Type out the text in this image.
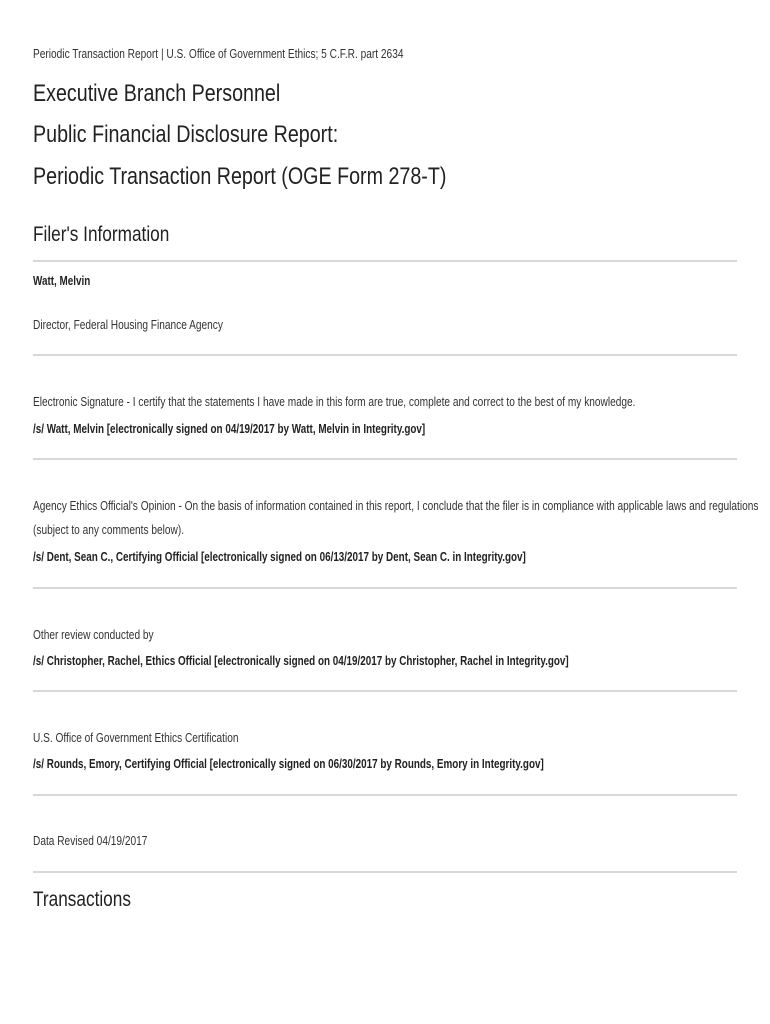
Periodic Transaction Report | U.S. Office of Government Ethics; 5 C.F.R. part 2634
Executive Branch Personnel
Public Financial Disclosure Report:
Periodic Transaction Report (OGE Form 278-T)
Filer's Information
Watt, Melvin
Director, Federal Housing Finance Agency
Electronic Signature - I certify that the statements I have made in this form are true, complete and correct to the best of my knowledge.
/s/ Watt, Melvin [electronically signed on 04/19/2017 by Watt, Melvin in Integrity.gov]
Agency Ethics Official's Opinion - On the basis of information contained in this report, I conclude that the filer is in compliance with applicable laws and regulations
(subject to any comments below).
/s/ Dent, Sean C., Certifying Official [electronically signed on 06/13/2017 by Dent, Sean C. in Integrity.gov]
Other review conducted by
/s/ Christopher, Rachel, Ethics Official [electronically signed on 04/19/2017 by Christopher, Rachel in Integrity.gov]
U.S. Office of Government Ethics Certification
/s/ Rounds, Emory, Certifying Official [electronically signed on 06/30/2017 by Rounds, Emory in Integrity.gov]
Data Revised 04/19/2017
Transactions
